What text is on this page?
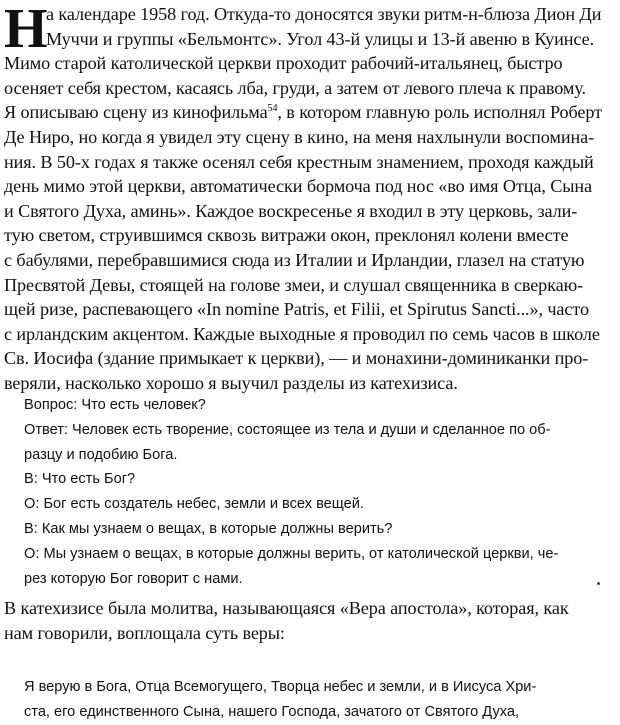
Н
а календаре 1958 год. Откуда-то доносятся звуки ритм-н-блюза Дион Ди
Муччи и группы «Бельмонтс». Угол 43-й улицы и 13-й авеню в Куинсе.
Мимо старой католической церкви проходит рабочий-итальянец, быстро
осеняет себя крестом, касаясь лба, груди, а затем от левого плеча к правому.
Я описываю сцену из кинофильма$^{54}$, в котором главную роль исполнял Роберт
Де Ниро, но когда я увидел эту сцену в кино, на меня нахлынули воспомина-
ния. В 50-х годах я также осенял себя крестным знамением, проходя каждый
день мимо этой церкви, автоматически бормоча под нос «во имя Отца, Сына
и Святого Духа, аминь». Каждое воскресенье я входил в эту церковь, зали-
тую светом, струившимся сквозь витражи окон, преклонял колени вместе
с бабулями, перебравшимися сюда из Италии и Ирландии, глазел на статую
Пресвятой Девы, стоящей на голове змеи, и слушал священника в сверкаю-
щей ризе, распевающего «In nomine Patris, et Filii, et Spirutus Sancti...», часто
с ирландским акцентом. Каждые выходные я проводил по семь часов в школе
Св. Иосифа (здание примыкает к церкви), — и монахини-доминиканки про-
веряли, насколько хорошо я выучил разделы из катехизиса.
Вопрос: Что есть человек?
Ответ: Человек есть творение, состоящее из тела и души и сделанное по об-
разцу и подобию Бога.
В: Что есть Бог?
О: Бог есть создатель небес, земли и всех вещей.
В: Как мы узнаем о вещах, в которые должны верить?
О: Мы узнаем о вещах, в которые должны верить, от католической церкви, че-
рез которую Бог говорит с нами.
В катехизисе была молитва, называющаяся «Вера апостола», которая, как
нам говорили, воплощала суть веры:
Я верую в Бога, Отца Всемогущего, Творца небес и земли, и в Иисуса Хри-
ста, его единственного Сына, нашего Господа, зачатого от Святого Духа,
